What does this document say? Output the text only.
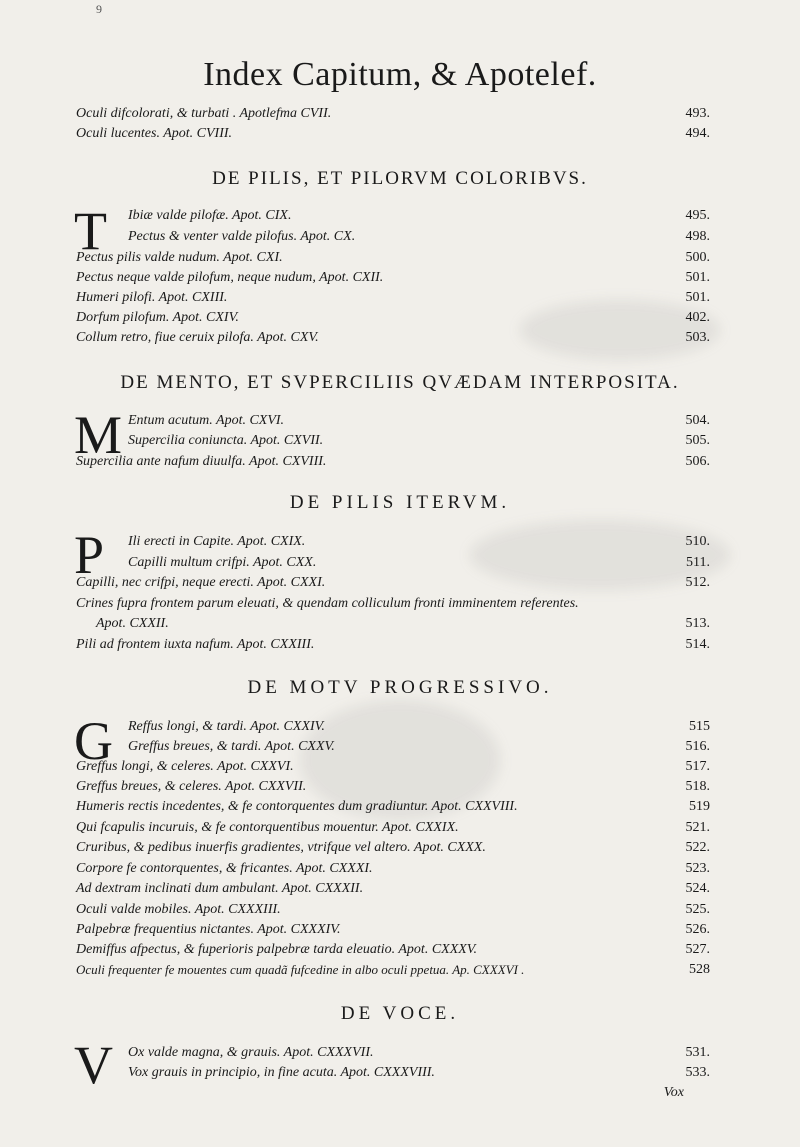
9
Index Capitum, & Apotelef.
Oculi difcolorati, & turbati . Apotlefma CVII.	493.
Oculi lucentes. Apot. CVIII.	494.
DE PILIS, ET PILORVM COLORIBVS.
T Ibiæ valde pilofæ. Apot. CIX.	495.
Pectus & venter valde pilofus. Apot. CX.	498.
Pectus pilis valde nudum. Apot. CXI.	500.
Pectus neque valde pilofum, neque nudum, Apot. CXII.	501.
Humeri pilofi. Apot. CXIII.	501.
Dorfum pilofum. Apot. CXIV.	402.
Collum retro, fiue ceruix pilofa. Apot. CXV.	503.
DE MENTO, ET SVPERCILIIS QVÆDAM INTERPOSITA.
M Entum acutum. Apot. CXVI.	504.
Supercilia coniuncta. Apot. CXVII.	505.
Supercilia ante nafum diuulfa. Apot. CXVIII.	506.
DE PILIS ITERVM.
P Ili erecti in Capite. Apot. CXIX.	510.
Capilli multum crifpi. Apot. CXX.	511.
Capilli, nec crifpi, neque erecti. Apot. CXXI.	512.
Crines fupra frontem parum eleuati, & quendam colliculum fronti imminentem referentes.
Apot. CXXII.	513.
Pili ad frontem iuxta nafum. Apot. CXXIII.	514.
DE MOTV PROGRESSIVO.
G Reffus longi, & tardi. Apot. CXXIV.	515
Greffus breues, & tardi. Apot. CXXV.	516.
Greffus longi, & celeres. Apot. CXXVI.	517.
Greffus breues, & celeres. Apot. CXXVII.	518.
Humeris rectis incedentes, & fe contorquentes dum gradiuntur. Apot. CXXVIII.	519
Qui fcapulis incuruis, & fe contorquentibus mouentur. Apot. CXXIX.	521.
Cruribus, & pedibus inuerfis gradientes, vtrifque vel altero. Apot. CXXX.	522.
Corpore fe contorquentes, & fricantes. Apot. CXXXI.	523.
Ad dextram inclinati dum ambulant. Apot. CXXXII.	524.
Oculi valde mobiles. Apot. CXXXIII.	525.
Palpebræ frequentius nictantes. Apot. CXXXIV.	526.
Demiffus afpectus, & fuperioris palpebræ tarda eleuatio. Apot. CXXXV.	527.
Oculi frequenter fe mouentes cum quadã fufcedine in albo oculi ppetua. Ap. CXXXVI .	528
DE VOCE.
V Ox valde magna, & grauis. Apot. CXXXVII.	531.
Vox grauis in principio, in fine acuta. Apot. CXXXVIII.	533.
Vox
